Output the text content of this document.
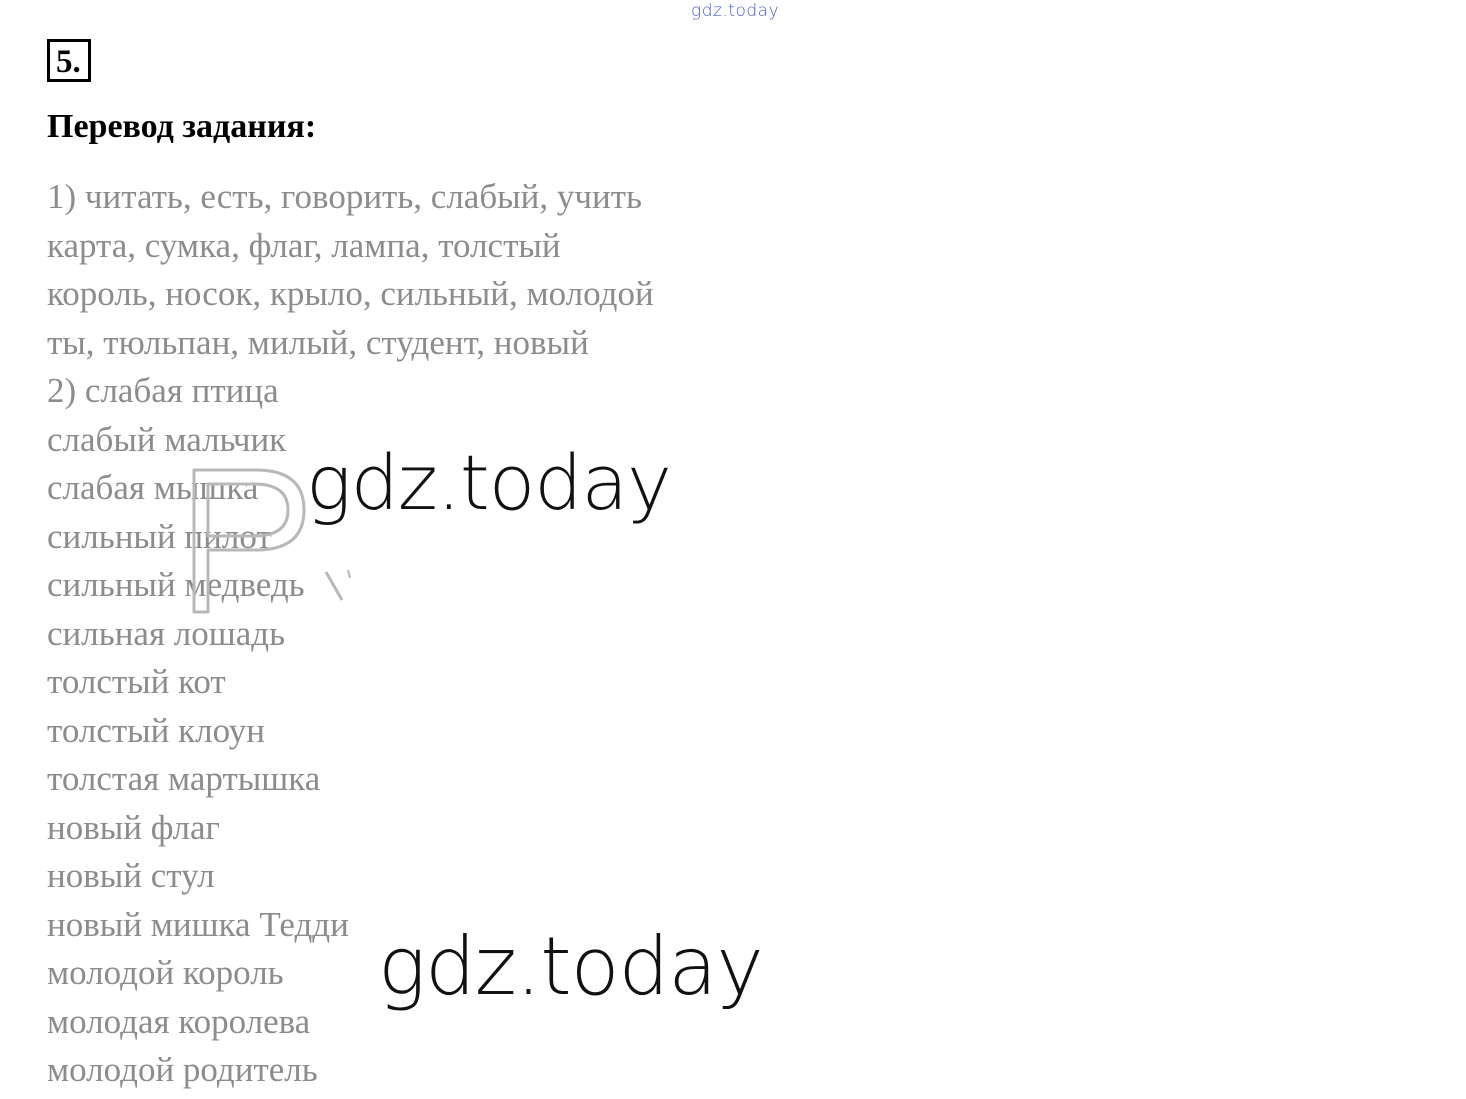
gdz.today
5.
Перевод задания:
1) читать, есть, говорить, слабый, учить
карта, сумка, флаг, лампа, толстый
король, носок, крыло, сильный, молодой
ты, тюльпан, милый, студент, новый
2) слабая птица
слабый мальчик
слабая мышка
сильный пилот
сильный медведь
сильная лошадь
толстый кот
толстый клоун
толстая мартышка
новый флаг
новый стул
новый мишка Тедди
молодой король
молодая королева
молодой родитель
gdz.today
gdz.today
